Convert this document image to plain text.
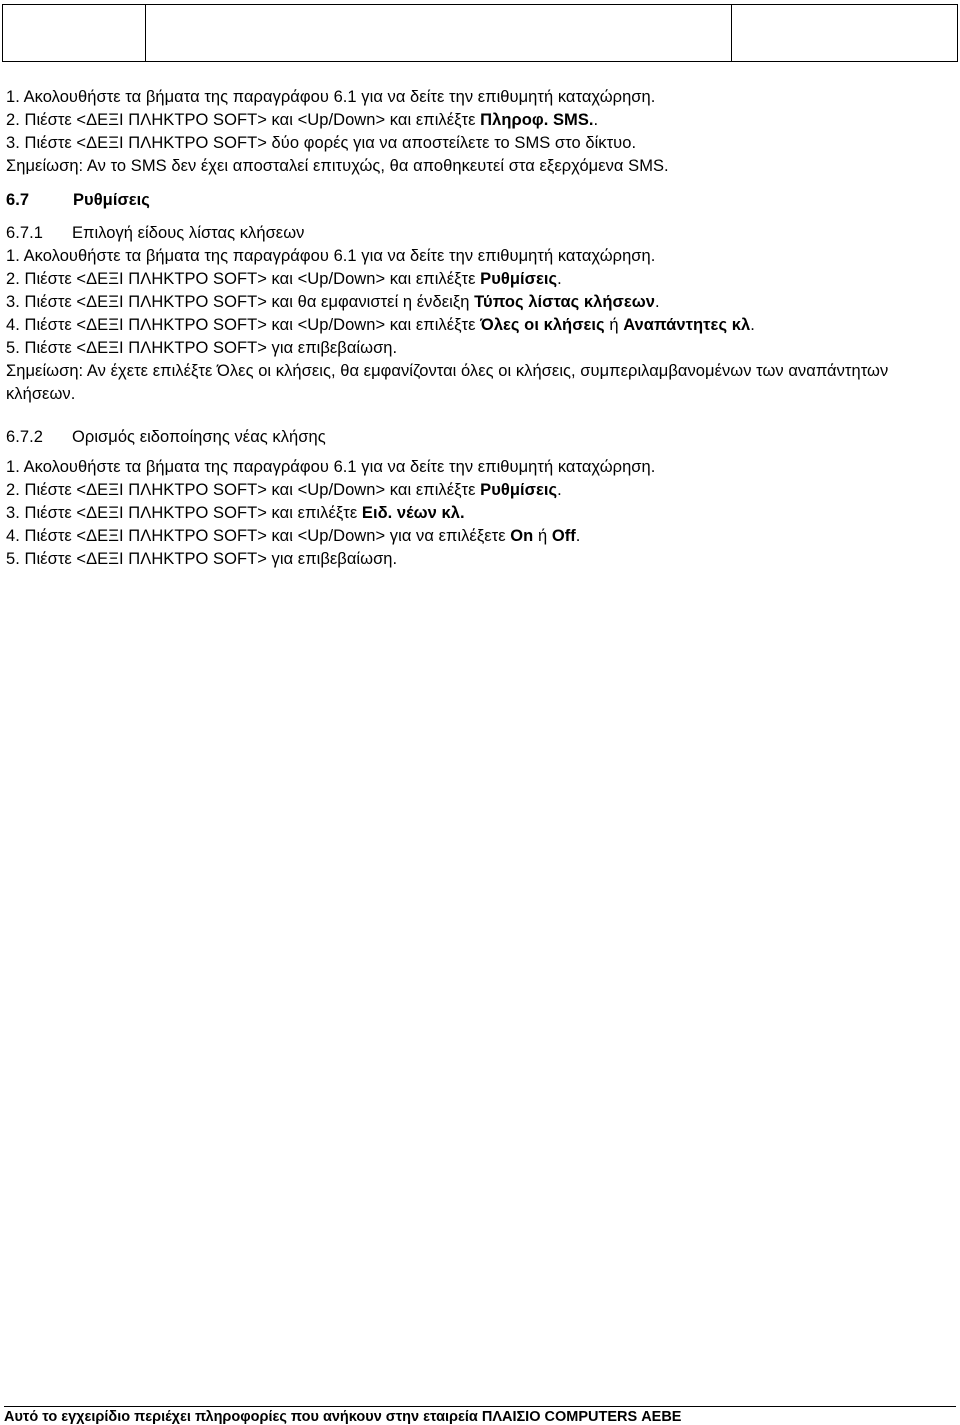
1. Ακολουθήστε τα βήματα της παραγράφου 6.1 για να δείτε την επιθυμητή καταχώρηση.
2. Πιέστε <ΔΕΞΙ ΠΛΗΚΤΡΟ SOFT> και <Up/Down> και επιλέξτε Πληροφ. SMS..
3. Πιέστε <ΔΕΞΙ ΠΛΗΚΤΡΟ SOFT> δύο φορές για να αποστείλετε το SMS στο δίκτυο.
Σημείωση: Αν το SMS δεν έχει αποσταλεί επιτυχώς, θα αποθηκευτεί στα εξερχόμενα SMS.
6.7	Ρυθμίσεις
6.7.1 Επιλογή είδους λίστας κλήσεων
1. Ακολουθήστε τα βήματα της παραγράφου 6.1 για να δείτε την επιθυμητή καταχώρηση.
2. Πιέστε <ΔΕΞΙ ΠΛΗΚΤΡΟ SOFT> και <Up/Down> και επιλέξτε Ρυθμίσεις.
3. Πιέστε <ΔΕΞΙ ΠΛΗΚΤΡΟ SOFT> και θα εμφανιστεί η ένδειξη Τύπος λίστας κλήσεων.
4. Πιέστε <ΔΕΞΙ ΠΛΗΚΤΡΟ SOFT> και <Up/Down> και επιλέξτε Όλες οι κλήσεις ή Αναπάντητες κλ.
5. Πιέστε <ΔΕΞΙ ΠΛΗΚΤΡΟ SOFT> για επιβεβαίωση.
Σημείωση: Αν έχετε επιλέξτε Όλες οι κλήσεις, θα εμφανίζονται όλες οι κλήσεις, συμπεριλαμβανομένων των αναπάντητων κλήσεων.
6.7.2 Ορισμός ειδοποίησης νέας κλήσης
1. Ακολουθήστε τα βήματα της παραγράφου 6.1 για να δείτε την επιθυμητή καταχώρηση.
2. Πιέστε <ΔΕΞΙ ΠΛΗΚΤΡΟ SOFT> και <Up/Down> και επιλέξτε Ρυθμίσεις.
3. Πιέστε <ΔΕΞΙ ΠΛΗΚΤΡΟ SOFT> και επιλέξτε Ειδ. νέων κλ.
4. Πιέστε <ΔΕΞΙ ΠΛΗΚΤΡΟ SOFT> και <Up/Down> για να επιλέξετε On ή Off.
5. Πιέστε <ΔΕΞΙ ΠΛΗΚΤΡΟ SOFT> για επιβεβαίωση.
Αυτό το εγχειρίδιο περιέχει πληροφορίες που ανήκουν στην εταιρεία ΠΛΑΙΣΙΟ COMPUTERS ΑΕΒΕ
